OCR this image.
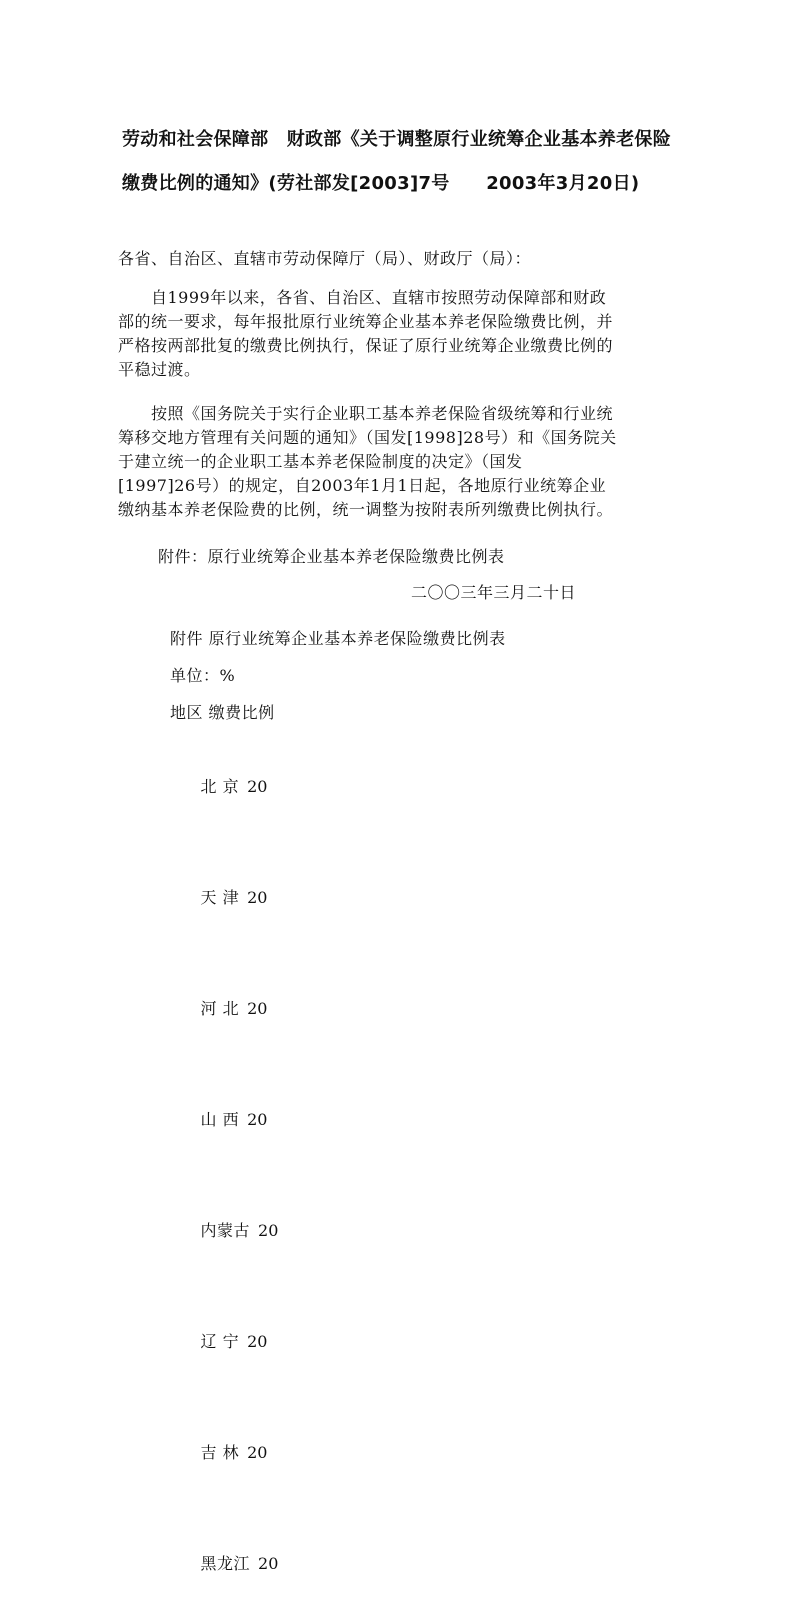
劳动和社会保障部　财政部《关于调整原行业统筹企业基本养老保险
缴费比例的通知》(劳社部发[2003]7号　　2003年3月20日)
各省、自治区、直辖市劳动保障厅（局）、财政厅（局）：
　　自1999年以来，各省、自治区、直辖市按照劳动保障部和财政
部的统一要求，每年报批原行业统筹企业基本养老保险缴费比例，并
严格按两部批复的缴费比例执行，保证了原行业统筹企业缴费比例的
平稳过渡。
　　按照《国务院关于实行企业职工基本养老保险省级统筹和行业统
筹移交地方管理有关问题的通知》（国发[1998]28号）和《国务院关
于建立统一的企业职工基本养老保险制度的决定》（国发
[1997]26号）的规定，自2003年1月1日起，各地原行业统筹企业
缴纳基本养老保险费的比例，统一调整为按附表所列缴费比例执行。
附件：原行业统筹企业基本养老保险缴费比例表
二〇〇三年三月二十日
附件 原行业统筹企业基本养老保险缴费比例表
单位：%
地区 缴费比例

北 京 20

天 津 20

河 北 20

山 西 20

内蒙古 20

辽 宁 20

吉 林 20

黑龙江 20
